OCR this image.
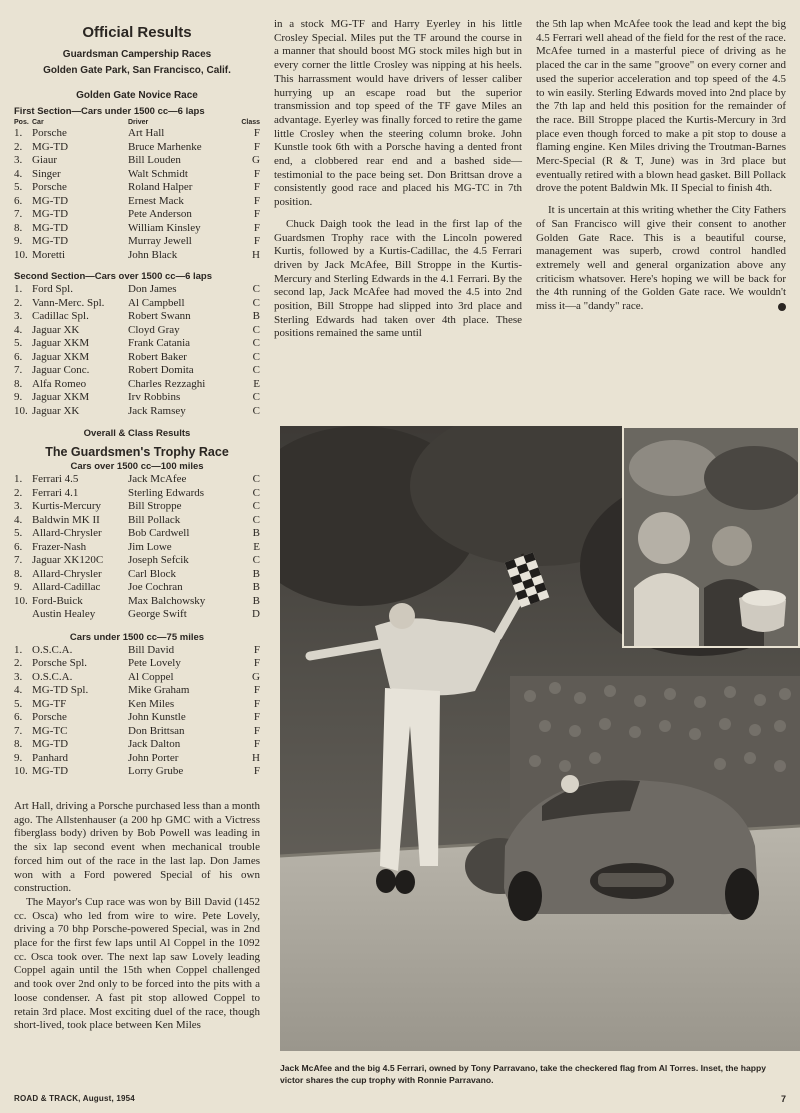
Official Results
Guardsman Campership Races
Golden Gate Park, San Francisco, Calif.
Golden Gate Novice Race
First Section—Cars under 1500 cc—6 laps
Pos. Car	Driver	Class
1.	Porsche	Art Hall	F
2.	MG-TD	Bruce Marhenke	F
3.	Giaur	Bill Louden	G
4.	Singer	Walt Schmidt	F
5.	Porsche	Roland Halper	F
6.	MG-TD	Ernest Mack	F
7.	MG-TD	Pete Anderson	F
8.	MG-TD	William Kinsley	F
9.	MG-TD	Murray Jewell	F
10.	Moretti	John Black	H
Second Section—Cars over 1500 cc—6 laps
1.	Ford Spl.	Don James	C
2.	Vann-Merc. Spl.	Al Campbell	C
3.	Cadillac Spl.	Robert Swann	B
4.	Jaguar XK	Cloyd Gray	C
5.	Jaguar XKM	Frank Catania	C
6.	Jaguar XKM	Robert Baker	C
7.	Jaguar Conc.	Robert Domita	C
8.	Alfa Romeo	Charles Rezzaghi	E
9.	Jaguar XKM	Irv Robbins	C
10.	Jaguar XK	Jack Ramsey	C
Overall & Class Results
The Guardsmen's Trophy Race
Cars over 1500 cc—100 miles
1.	Ferrari 4.5	Jack McAfee	C
2.	Ferrari 4.1	Sterling Edwards	C
3.	Kurtis-Mercury	Bill Stroppe	C
4.	Baldwin MK II	Bill Pollack	C
5.	Allard-Chrysler	Bob Cardwell	B
6.	Frazer-Nash	Jim Lowe	E
7.	Jaguar XK120C	Joseph Sefcik	C
8.	Allard-Chrysler	Carl Block	B
9.	Allard-Cadillac	Joe Cochran	B
10.	Ford-Buick	Max Balchowsky	B
	Austin Healey	George Swift	D
Cars under 1500 cc—75 miles
1.	O.S.C.A.	Bill David	F
2.	Porsche Spl.	Pete Lovely	F
3.	O.S.C.A.	Al Coppel	G
4.	MG-TD Spl.	Mike Graham	F
5.	MG-TF	Ken Miles	F
6.	Porsche	John Kunstle	F
7.	MG-TC	Don Brittsan	F
8.	MG-TD	Jack Dalton	F
9.	Panhard	John Porter	H
10.	MG-TD	Lorry Grube	F

Art Hall, driving a Porsche purchased less than a month ago. The Allstenhauser (a 200 hp GMC with a Victress fiberglass body) driven by Bob Powell was leading in the six lap second event when mechanical trouble forced him out of the race in the last lap. Don James won with a Ford powered Special of his own construction.

The Mayor's Cup race was won by Bill David (1452 cc. Osca) who led from wire to wire. Pete Lovely, driving a 70 bhp Porsche-powered Special, was in 2nd place for the first few laps until Al Coppel in the 1092 cc. Osca took over. The next lap saw Lovely leading Coppel again until the 15th when Coppel challenged and took over 2nd only to be forced into the pits with a loose condenser. A fast pit stop allowed Coppel to retain 3rd place. Most exciting duel of the race, though short-lived, took place between Ken Miles

in a stock MG-TF and Harry Eyerley in his little Crosley Special. Miles put the TF around the course in a manner that should boost MG stock miles high but in every corner the little Crosley was nipping at his heels. This harrassment would have drivers of lesser caliber hurrying up an escape road but the superior transmission and top speed of the TF gave Miles an advantage. Eyerley was finally forced to retire the game little Crosley when the steering column broke. John Kunstle took 6th with a Porsche having a dented front end, a clobbered rear end and a bashed side—testimonial to the pace being set. Don Brittsan drove a consistently good race and placed his MG-TC in 7th position.

Chuck Daigh took the lead in the first lap of the Guardsmen Trophy race with the Lincoln powered Kurtis, followed by a Kurtis-Cadillac, the 4.5 Ferrari driven by Jack McAfee, Bill Stroppe in the Kurtis-Mercury and Sterling Edwards in the 4.1 Ferrari. By the second lap, Jack McAfee had moved the 4.5 into 2nd position, Bill Stroppe had slipped into 3rd place and Sterling Edwards had taken over 4th place. These positions remained the same until

the 5th lap when McAfee took the lead and kept the big 4.5 Ferrari well ahead of the field for the rest of the race. McAfee turned in a masterful piece of driving as he placed the car in the same "groove" on every corner and used the superior acceleration and top speed of the 4.5 to win easily. Sterling Edwards moved into 2nd place by the 7th lap and held this position for the remainder of the race. Bill Stroppe placed the Kurtis-Mercury in 3rd place even though forced to make a pit stop to douse a flaming engine. Ken Miles driving the Troutman-Barnes Merc-Special (R & T, June) was in 3rd place but eventually retired with a blown head gasket. Bill Pollack drove the potent Baldwin Mk. II Special to finish 4th.

It is uncertain at this writing whether the City Fathers of San Francisco will give their consent to another Golden Gate Race. This is a beautiful course, management was superb, crowd control handled extremely well and general organization above any criticism whatsover. Here's hoping we will be back for the 4th running of the Golden Gate race. We wouldn't miss it—a "dandy" race.

Jack McAfee and the big 4.5 Ferrari, owned by Tony Parravano, take the checkered flag from Al Torres. Inset, the happy victor shares the cup trophy with Ronnie Parravano.
ROAD & TRACK, August, 1954	7
